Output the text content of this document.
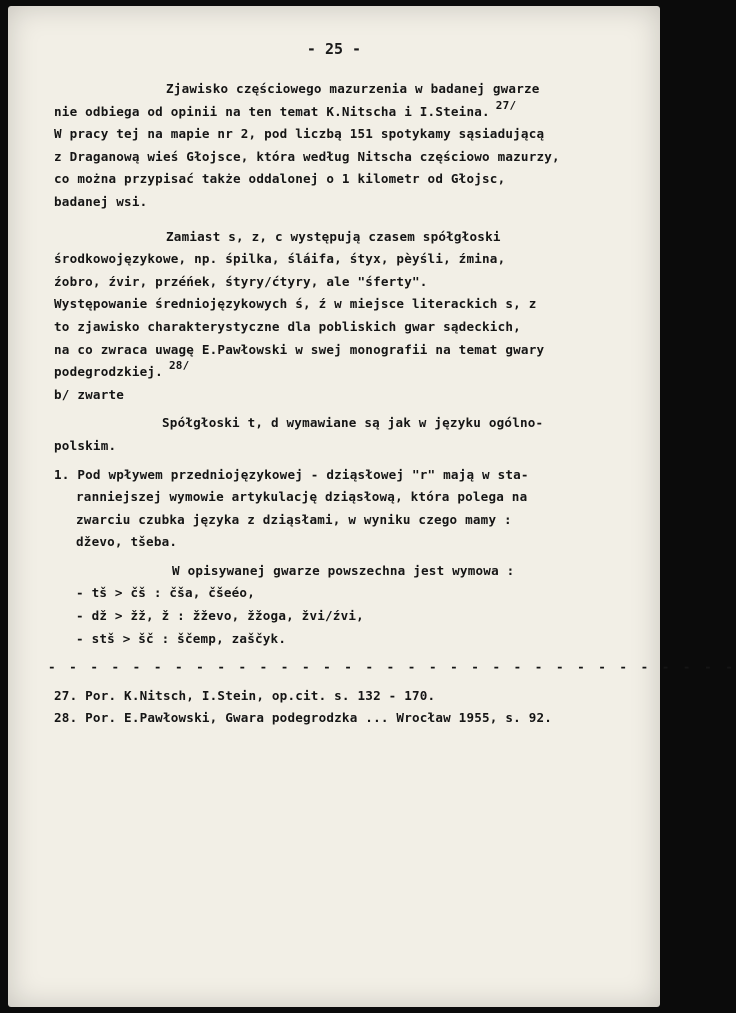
- 25 -
Zjawisko częściowego mazurzenia w badanej gwarze
nie odbiega od opinii na ten temat K.Nitscha i I.Steina. 27/
W pracy tej na mapie nr 2, pod liczbą 151 spotykamy sąsiadującą
z Draganową wieś Głojsce, która według Nitscha częściowo mazurzy,
co można przypisać także oddalonej o 1 kilometr od Głojsc,
badanej wsi.
Zamiast s, z, c występują czasem spółgłoski
środkowojęzykowe, np. śpilka, śláifa, śtyx, pèyśli, źmina,
źobro, źvir, przéńek, śtyry/ćtyry, ale "śferty".
Występowanie średniojęzykowych ś, ź w miejsce literackich s, z
to zjawisko charakterystyczne dla pobliskich gwar sądeckich,
na co zwraca uwagę E.Pawłowski w swej monografii na temat gwary
podegrodzkiej. 28/
b/ zwarte
Spółgłoski t, d wymawiane są jak w języku ogólno-
polskim.
1. Pod wpływem przedniojęzykowej - dziąsłowej "r" mają w sta-
ranniejszej wymowie artykulację dziąsłową, która polega na
zwarciu czubka języka z dziąsłami, w wyniku czego mamy :
dževo, tšeba.
W opisywanej gwarze powszechna jest wymowa :
- tš > čš : čša, čšeéo,
- dž > žž, ž : žževo, žžoga, žvi/źvi,
- stš > šč : ščemp, zaščyk.
- - - - - - - - - - - - - - - - - - - - - - - - - - - - - - - - -
27. Por. K.Nitsch, I.Stein, op.cit. s. 132 - 170.
28. Por. E.Pawłowski, Gwara podegrodzka ... Wrocław 1955, s. 92.
